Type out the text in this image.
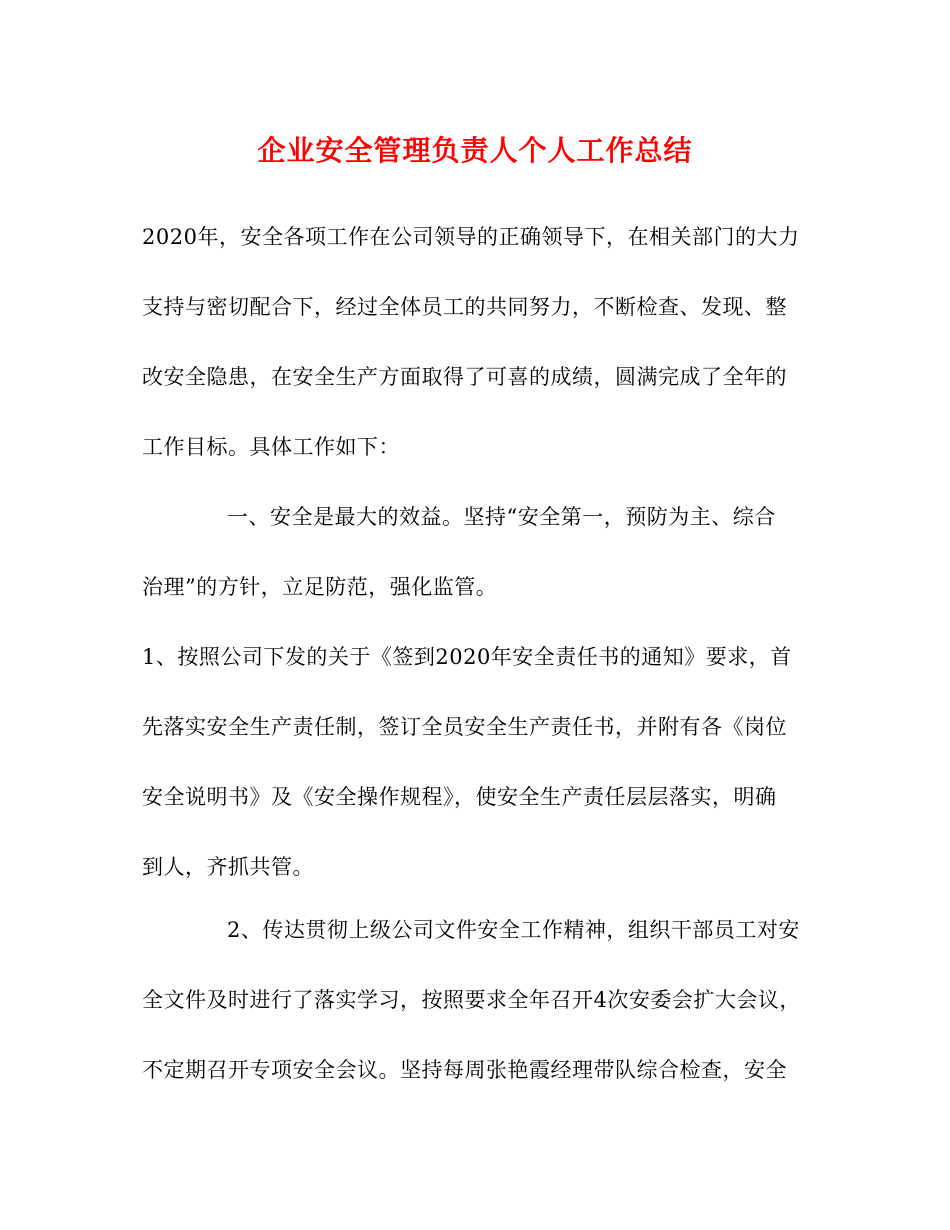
企业安全管理负责人个人工作总结
2020年，安全各项工作在公司领导的正确领导下，在相关部门的大力
支持与密切配合下，经过全体员工的共同努力，不断检查、发现、整
改安全隐患，在安全生产方面取得了可喜的成绩，圆满完成了全年的
工作目标。具体工作如下：
一、安全是最大的效益。坚持“安全第一，预防为主、综合
治理”的方针，立足防范，强化监管。
1、按照公司下发的关于《签到2020年安全责任书的通知》要求，首
先落实安全生产责任制，签订全员安全生产责任书，并附有各《岗位
安全说明书》及《安全操作规程》，使安全生产责任层层落实，明确
到人，齐抓共管。
2、传达贯彻上级公司文件安全工作精神，组织干部员工对安
全文件及时进行了落实学习，按照要求全年召开4次安委会扩大会议，
不定期召开专项安全会议。坚持每周张艳霞经理带队综合检查，安全
